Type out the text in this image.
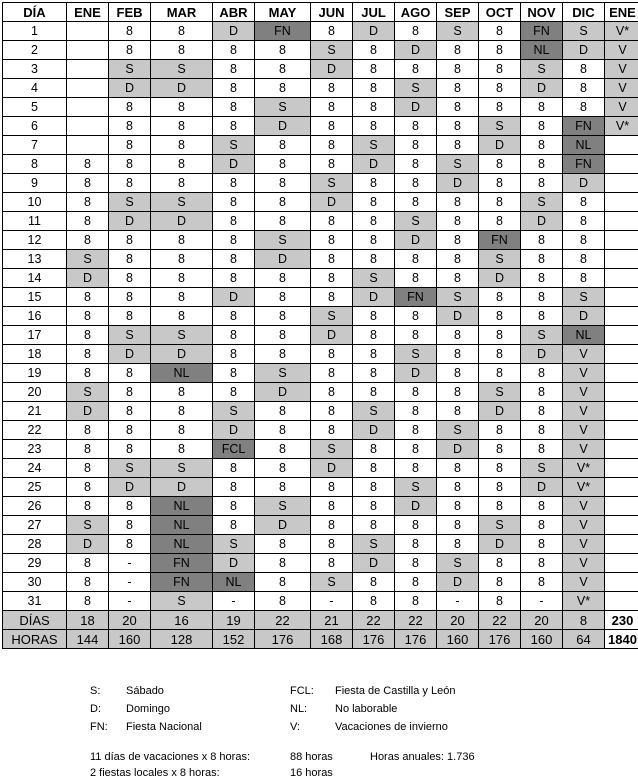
DÍA	ENE	FEB	MAR	ABR	MAY	JUN	JUL	AGO	SEP	OCT	NOV	DIC	ENE
1		8	8	D	FN	8	D	8	S	8	FN	S	V*
2		8	8	8	8	S	8	D	8	8	NL	D	V
3		S	S	8	8	D	8	8	8	8	S	8	V
4		D	D	8	8	8	8	S	8	8	D	8	V
5		8	8	8	S	8	8	D	8	8	8	8	V
6		8	8	8	D	8	8	8	8	S	8	FN	V*
7		8	8	S	8	8	S	8	8	D	8	NL	
8	8	8	8	D	8	8	D	8	S	8	8	FN	
9	8	8	8	8	8	S	8	8	D	8	8	D	
10	8	S	S	8	8	D	8	8	8	8	S	8	
11	8	D	D	8	8	8	8	S	8	8	D	8	
12	8	8	8	8	S	8	8	D	8	FN	8	8	
13	S	8	8	8	D	8	8	8	8	S	8	8	
14	D	8	8	8	8	8	S	8	8	D	8	8	
15	8	8	8	D	8	8	D	FN	S	8	8	S	
16	8	8	8	8	8	S	8	8	D	8	8	D	
17	8	S	S	8	8	D	8	8	8	8	S	NL	
18	8	D	D	8	8	8	8	S	8	8	D	V	
19	8	8	NL	8	S	8	8	D	8	8	8	V	
20	S	8	8	8	D	8	8	8	8	S	8	V	
21	D	8	8	S	8	8	S	8	8	D	8	V	
22	8	8	8	D	8	8	D	8	S	8	8	V	
23	8	8	8	FCL	8	S	8	8	D	8	8	V	
24	8	S	S	8	8	D	8	8	8	8	S	V*	
25	8	D	D	8	8	8	8	S	8	8	D	V*	
26	8	8	NL	8	S	8	8	D	8	8	8	V	
27	S	8	NL	8	D	8	8	8	8	S	8	V	
28	D	8	NL	S	8	8	S	8	8	D	8	V	
29	8	-	FN	D	8	8	D	8	S	8	8	V	
30	8	-	FN	NL	8	S	8	8	D	8	8	V	
31	8	-	S	-	8	-	8	8	-	8	-	V*	
DÍAS	18	20	16	19	22	21	22	22	20	22	20	8	230
HORAS	144	160	128	152	176	168	176	176	160	176	160	64	1840
S: Sábado
D: Domingo
FN: Fiesta Nacional
FCL: Fiesta de Castilla y León
NL:	No laborable
V:	Vacaciones de invierno
11 días de vacaciones x 8 horas:	88 horas	Horas anuales: 1.736
2 fiestas locales x 8 horas:	16 horas
